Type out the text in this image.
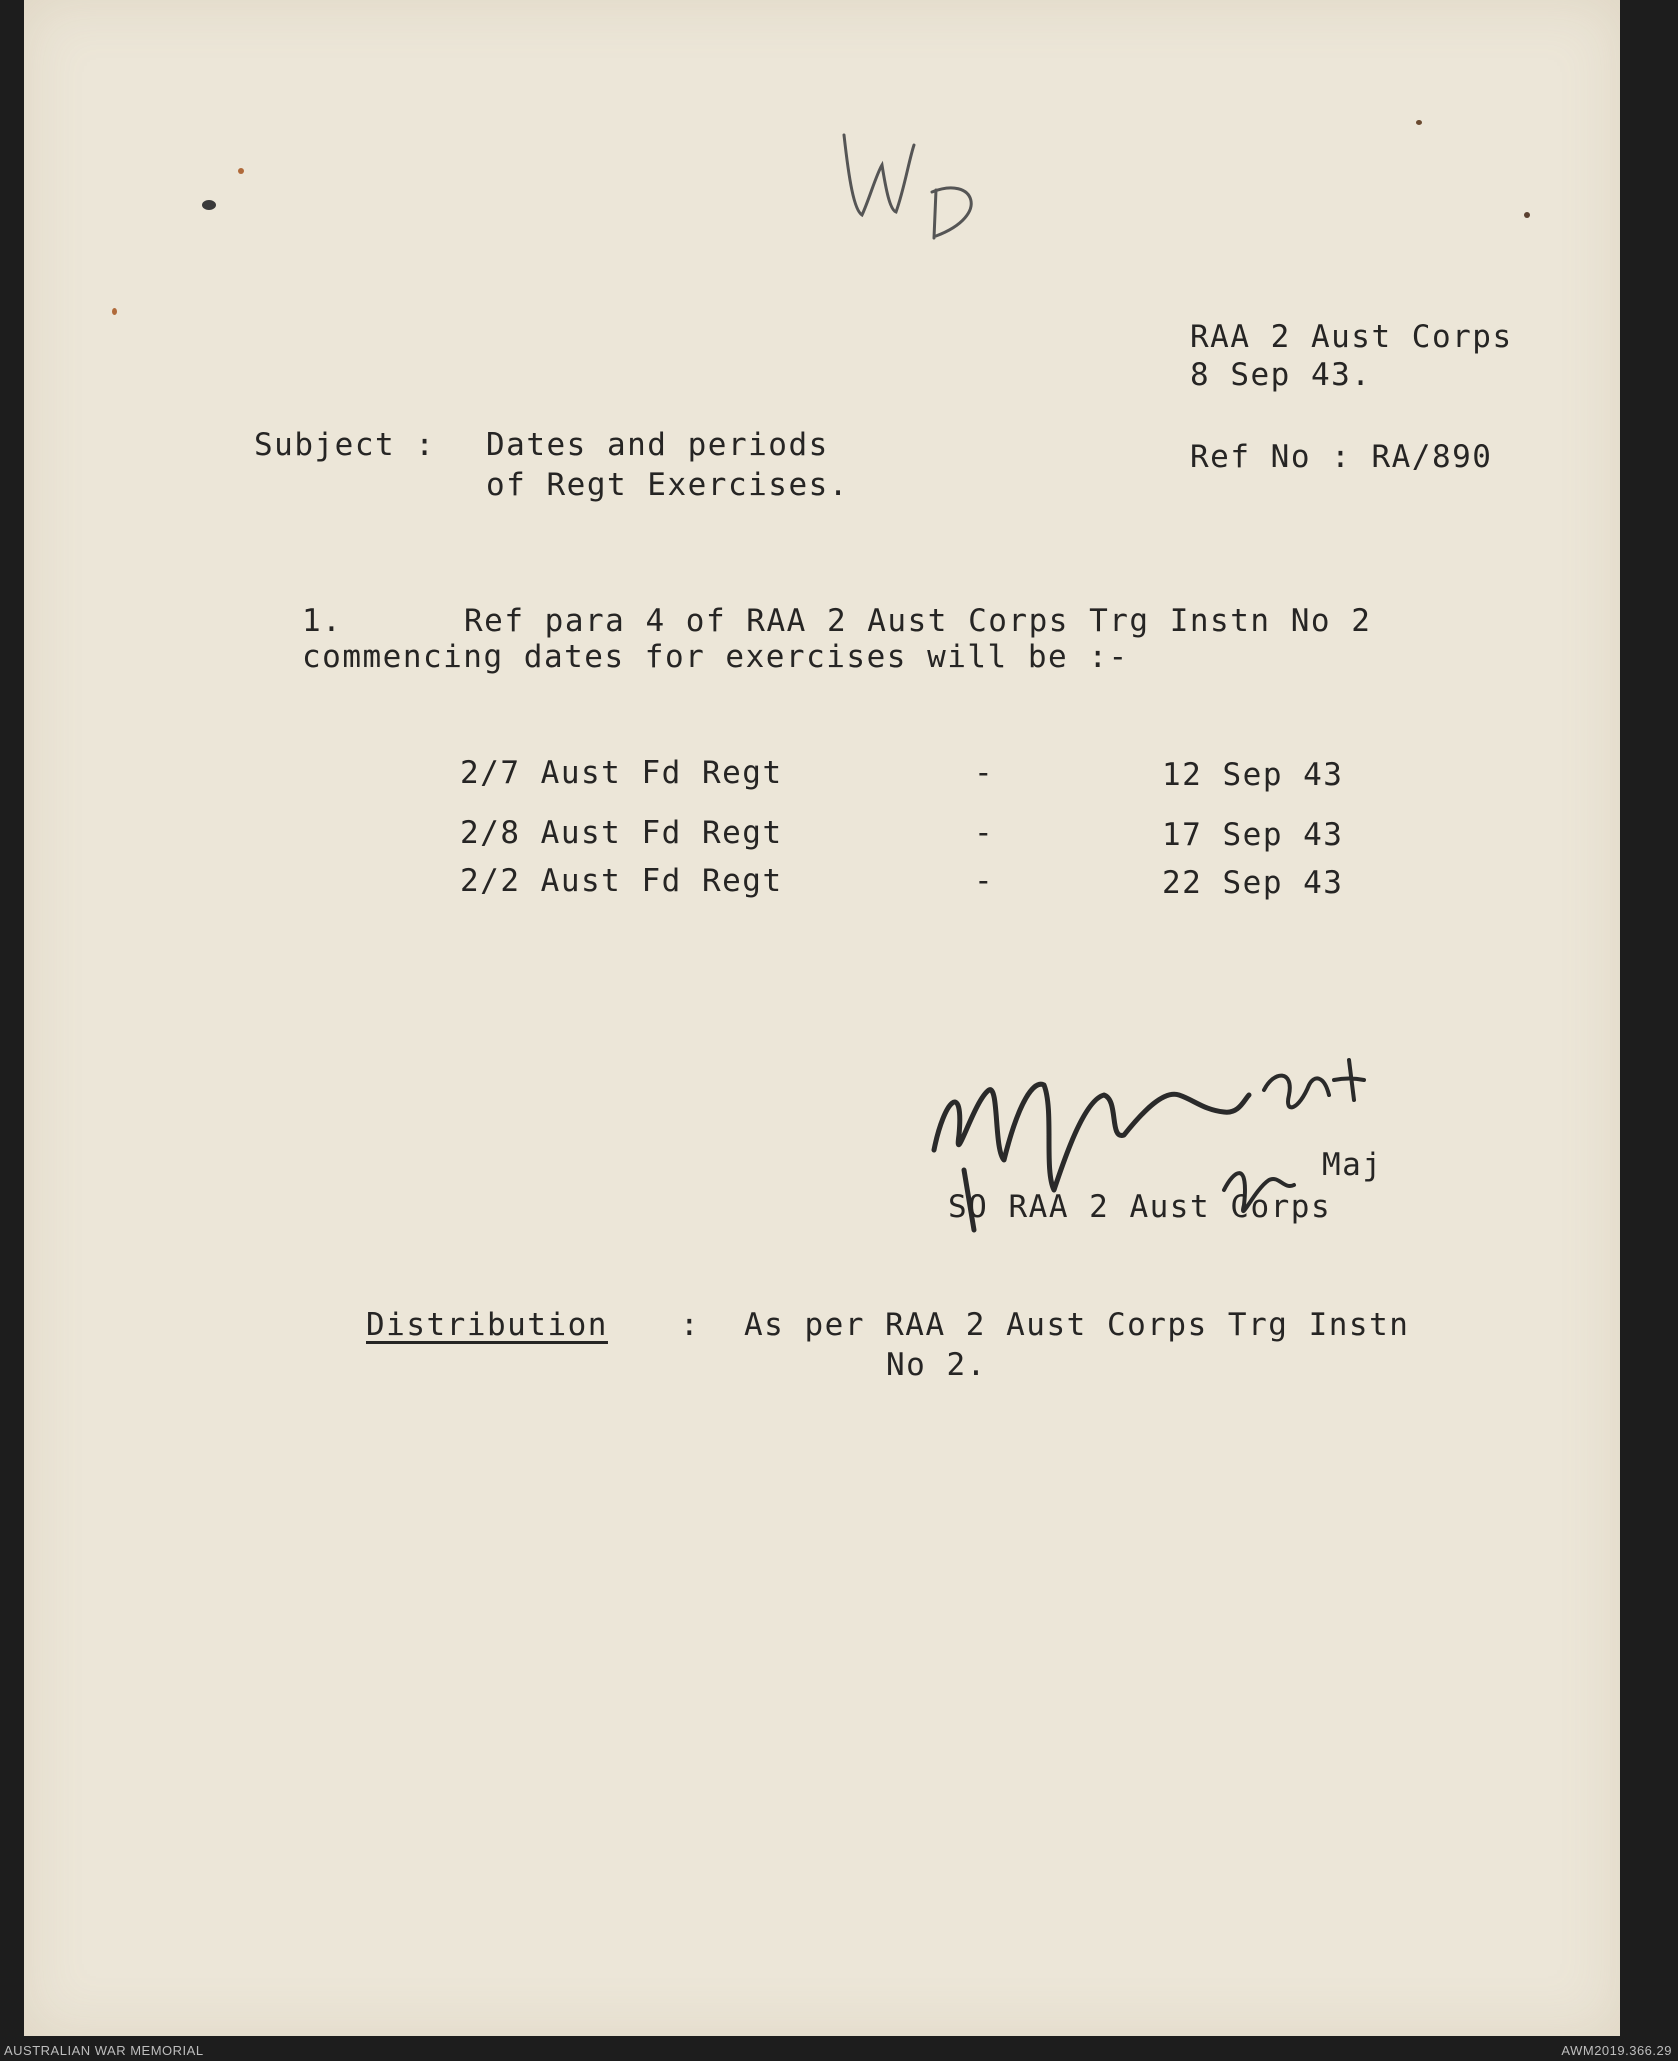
RAA 2 Aust Corps
8 Sep 43.
Ref No : RA/890
Subject : Dates and periods
of Regt Exercises.
1.	Ref para 4 of RAA 2 Aust Corps Trg Instn No 2
commencing dates for exercises will be :-
2/7 Aust Fd Regt	-	12 Sep 43
2/8 Aust Fd Regt	-	17 Sep 43
2/2 Aust Fd Regt	-	22 Sep 43
Maj
SO RAA 2 Aust Corps
Distribution : As per RAA 2 Aust Corps Trg Instn
No 2.
AUSTRALIAN WAR MEMORIAL	AWM2019.366.29
